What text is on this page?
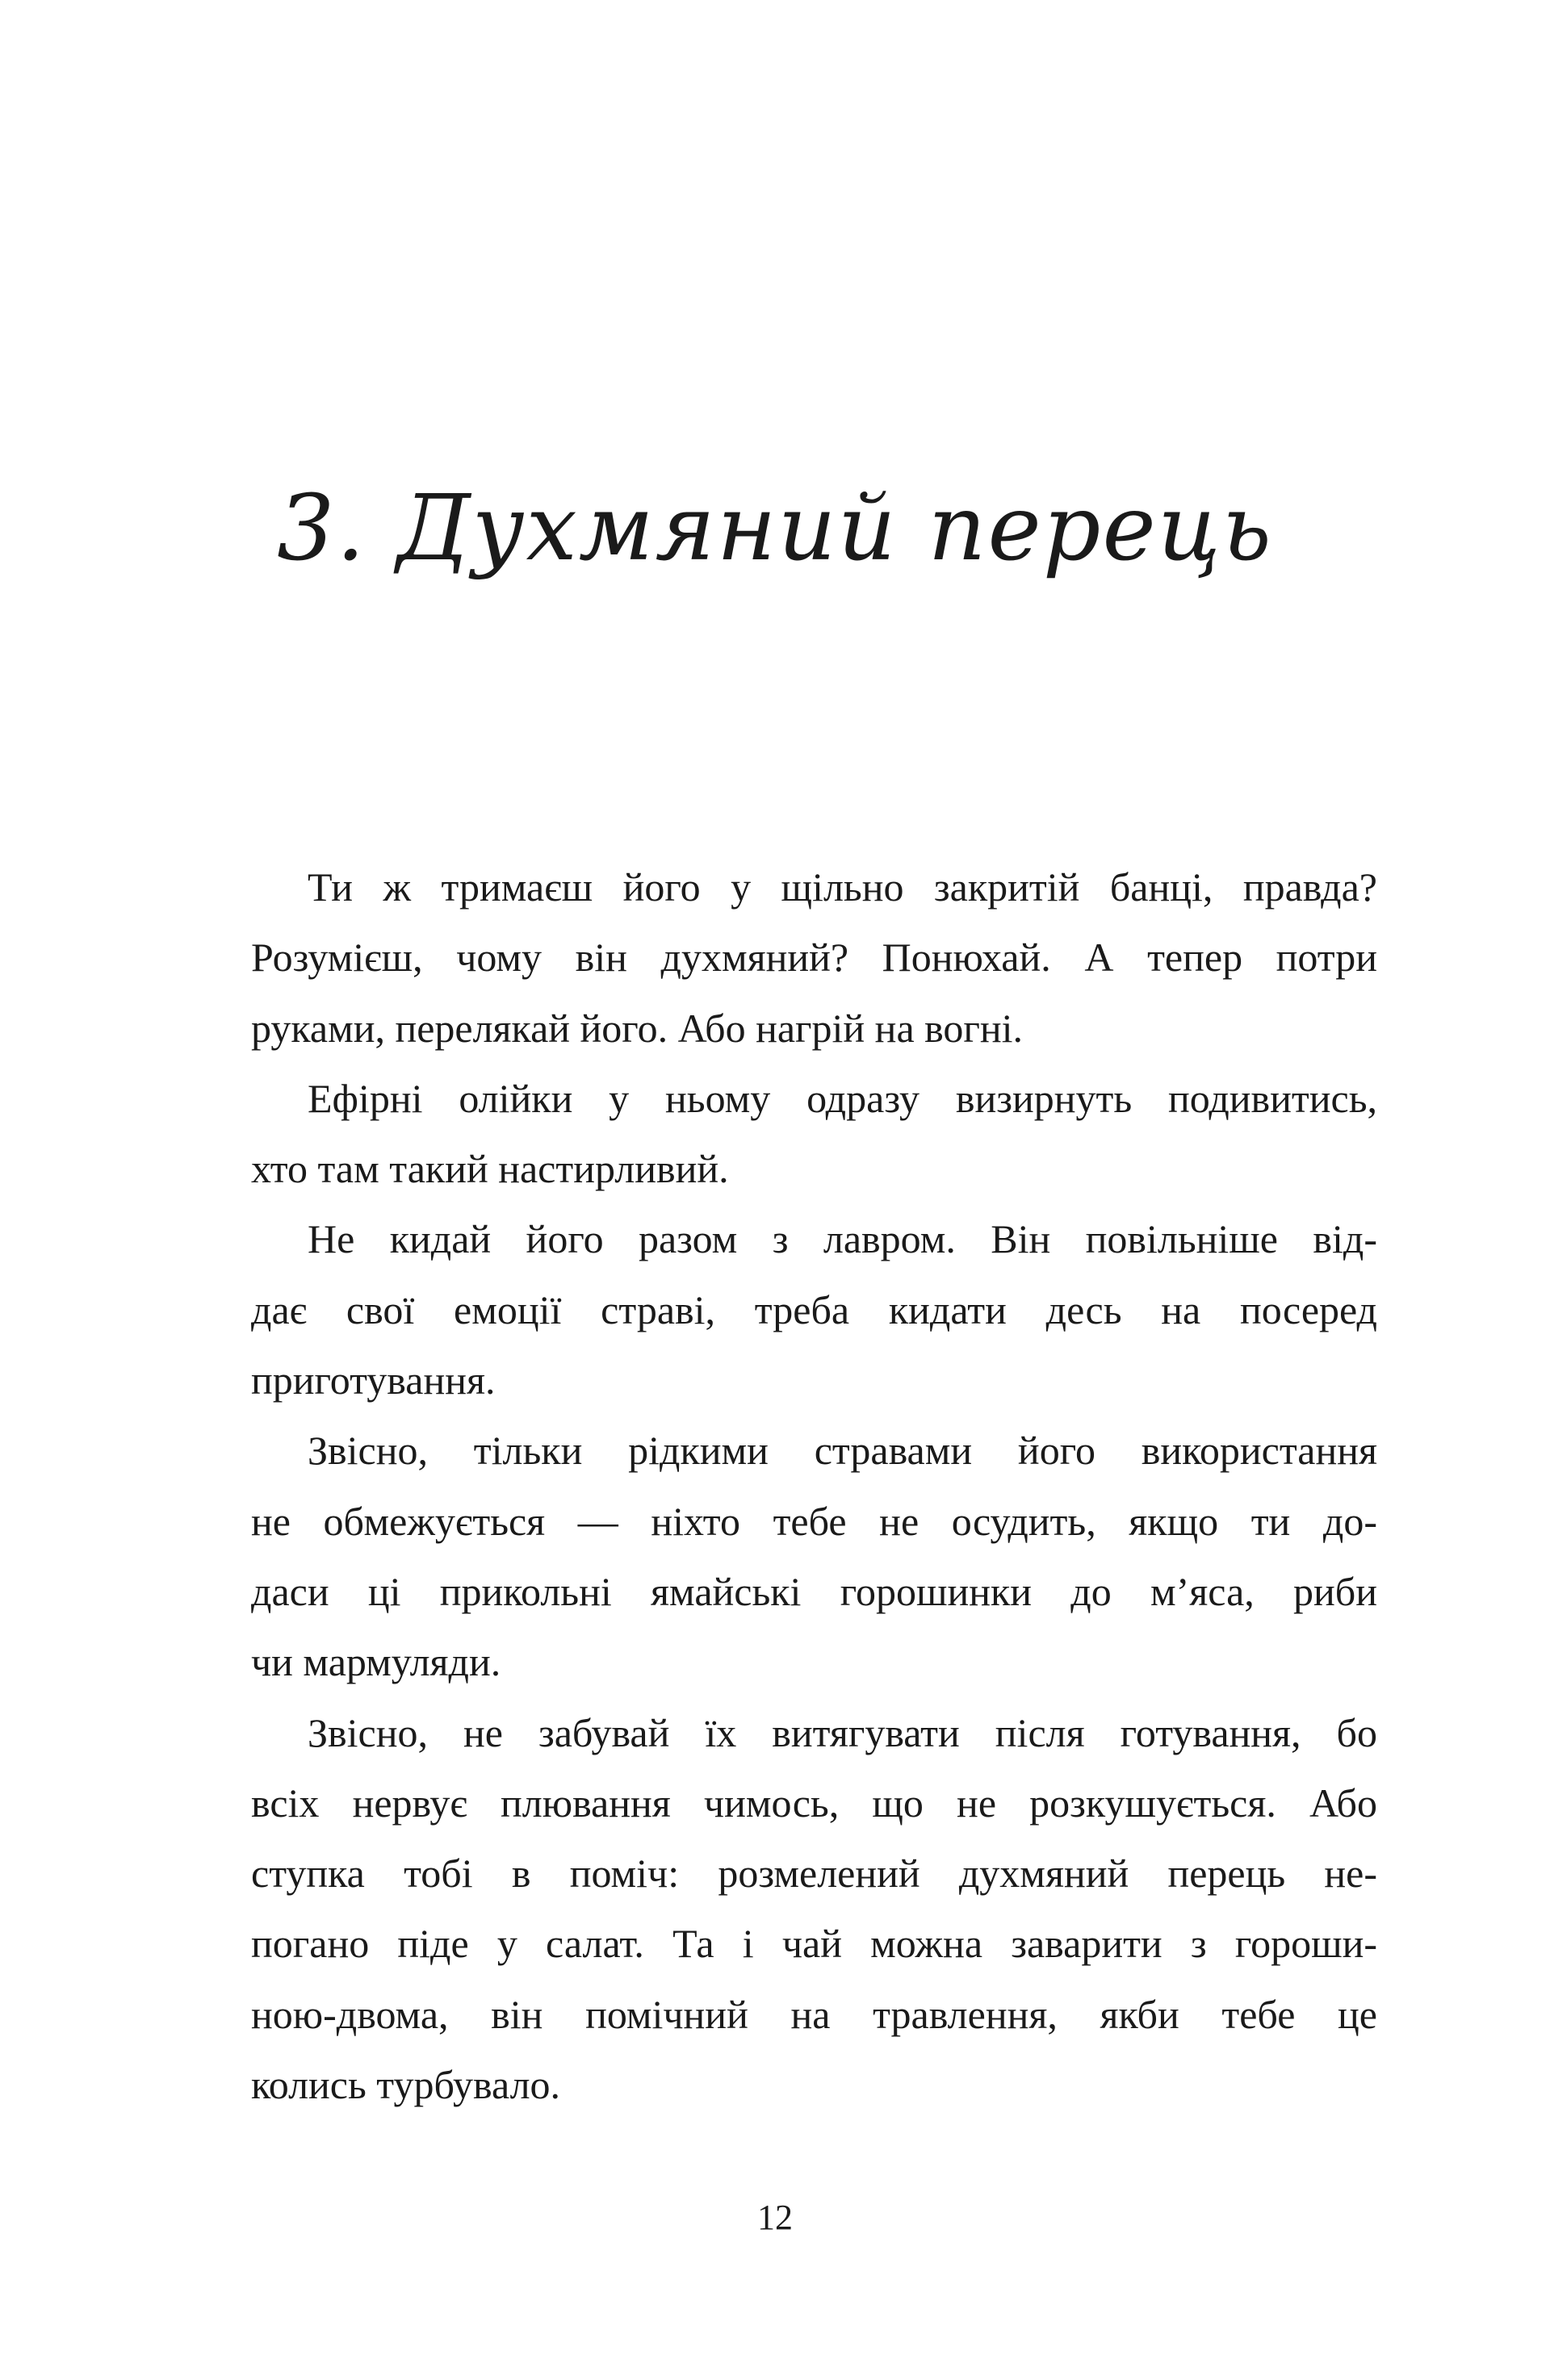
3. Духмяний перець

Ти ж тримаєш його у щільно закритій банці, правда?
Розумієш, чому він духмяний? Понюхай. А тепер потри
руками, перелякай його. Або нагрій на вогні.

Ефірні олійки у ньому одразу визирнуть подивитись,
хто там такий настирливий.

Не кидай його разом з лавром. Він повільніше від-
дає свої емоції страві, треба кидати десь на посеред
приготування.

Звісно, тільки рідкими стравами його використання
не обмежується — ніхто тебе не осудить, якщо ти до-
даси ці прикольні ямайські горошинки до м’яса, риби
чи мармуляди.

Звісно, не забувай їх витягувати після готування, бо
всіх нервує плювання чимось, що не розкушується. Або
ступка тобі в поміч: розмелений духмяний перець не-
погано піде у салат. Та і чай можна заварити з гороши-
ною-двома, він помічний на травлення, якби тебе це
колись турбувало.

12
